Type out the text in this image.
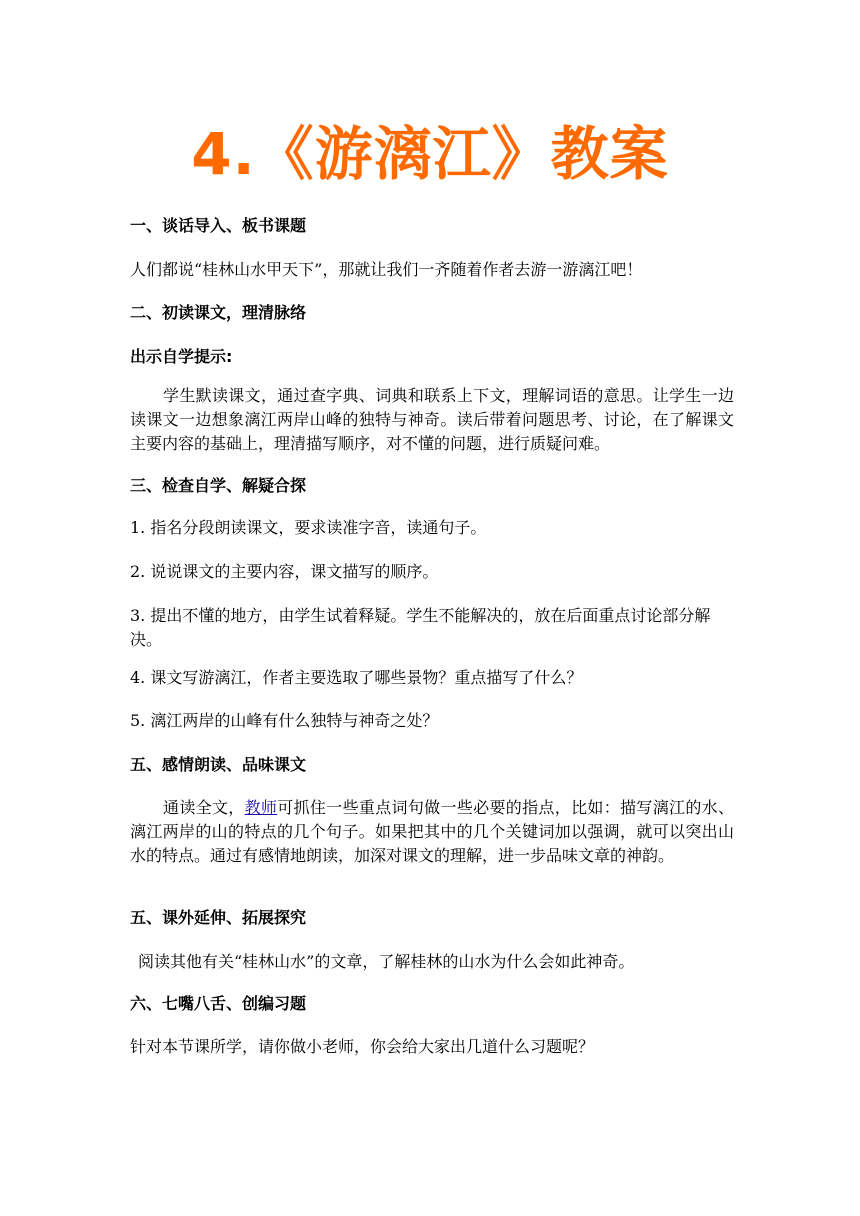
4.《游漓江》教案
一、谈话导入、板书课题
人们都说“桂林山水甲天下”，那就让我们一齐随着作者去游一游漓江吧！
二、初读课文，理清脉络
出示自学提示:
学生默读课文，通过查字典、词典和联系上下文，理解词语的意思。让学生一边读课文一边想象漓江两岸山峰的独特与神奇。读后带着问题思考、讨论，在了解课文主要内容的基础上，理清描写顺序，对不懂的问题，进行质疑问难。
三、检查自学、解疑合探
1. 指名分段朗读课文，要求读准字音，读通句子。
2. 说说课文的主要内容，课文描写的顺序。
3. 提出不懂的地方，由学生试着释疑。学生不能解决的，放在后面重点讨论部分解决。
4. 课文写游漓江，作者主要选取了哪些景物？重点描写了什么？
5. 漓江两岸的山峰有什么独特与神奇之处？
五、感情朗读、品味课文
通读全文，教师可抓住一些重点词句做一些必要的指点，比如：描写漓江的水、漓江两岸的山的特点的几个句子。如果把其中的几个关键词加以强调，就可以突出山水的特点。通过有感情地朗读，加深对课文的理解，进一步品味文章的神韵。
五、课外延伸、拓展探究
阅读其他有关“桂林山水”的文章，了解桂林的山水为什么会如此神奇。
六、七嘴八舌、创编习题
针对本节课所学，请你做小老师，你会给大家出几道什么习题呢？
